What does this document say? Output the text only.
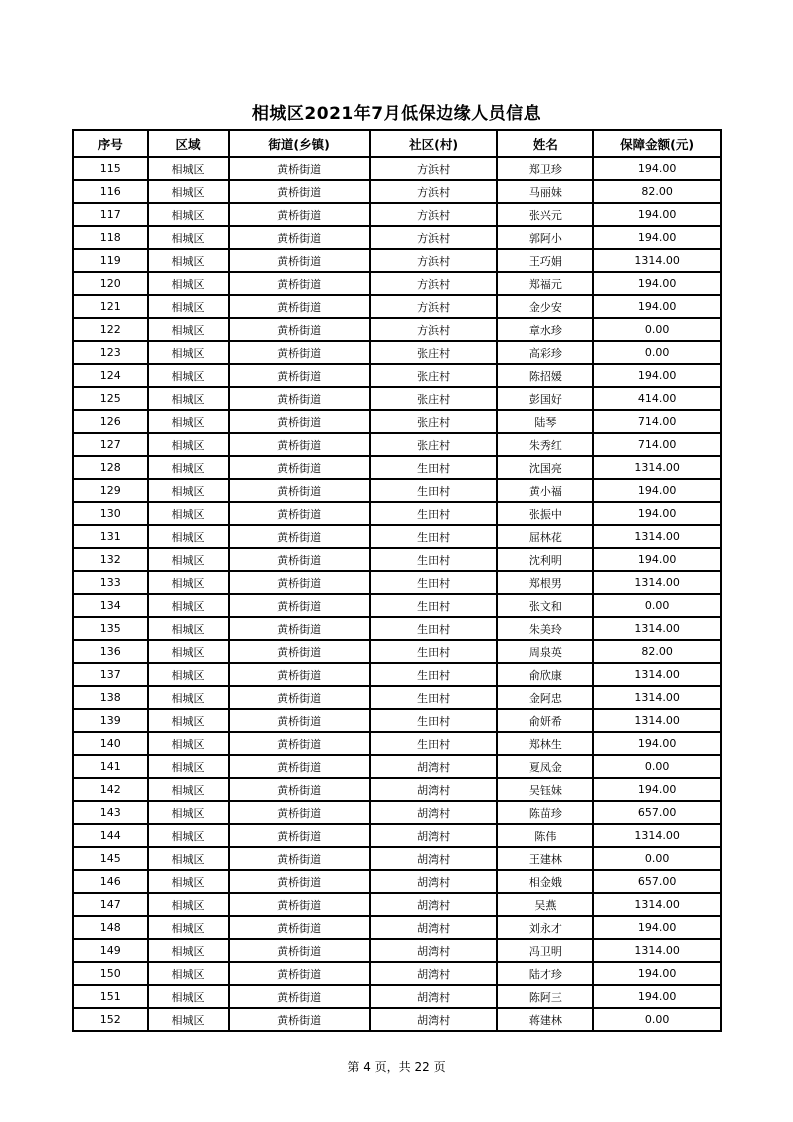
相城区2021年7月低保边缘人员信息
序号	区域	街道(乡镇)	社区(村)	姓名	保障金额(元)
115	相城区	黄桥街道	方浜村	郑卫珍	194.00
116	相城区	黄桥街道	方浜村	马丽妹	82.00
117	相城区	黄桥街道	方浜村	张兴元	194.00
118	相城区	黄桥街道	方浜村	郭阿小	194.00
119	相城区	黄桥街道	方浜村	王巧娟	1314.00
120	相城区	黄桥街道	方浜村	郑福元	194.00
121	相城区	黄桥街道	方浜村	金少安	194.00
122	相城区	黄桥街道	方浜村	章水珍	0.00
123	相城区	黄桥街道	张庄村	高彩珍	0.00
124	相城区	黄桥街道	张庄村	陈招媛	194.00
125	相城区	黄桥街道	张庄村	彭国好	414.00
126	相城区	黄桥街道	张庄村	陆琴	714.00
127	相城区	黄桥街道	张庄村	朱秀红	714.00
128	相城区	黄桥街道	生田村	沈国亮	1314.00
129	相城区	黄桥街道	生田村	黄小福	194.00
130	相城区	黄桥街道	生田村	张振中	194.00
131	相城区	黄桥街道	生田村	屈林花	1314.00
132	相城区	黄桥街道	生田村	沈利明	194.00
133	相城区	黄桥街道	生田村	郑根男	1314.00
134	相城区	黄桥街道	生田村	张文和	0.00
135	相城区	黄桥街道	生田村	朱美玲	1314.00
136	相城区	黄桥街道	生田村	周泉英	82.00
137	相城区	黄桥街道	生田村	俞欣康	1314.00
138	相城区	黄桥街道	生田村	金阿忠	1314.00
139	相城区	黄桥街道	生田村	俞妍希	1314.00
140	相城区	黄桥街道	生田村	郑林生	194.00
141	相城区	黄桥街道	胡湾村	夏凤金	0.00
142	相城区	黄桥街道	胡湾村	吴钰妹	194.00
143	相城区	黄桥街道	胡湾村	陈苗珍	657.00
144	相城区	黄桥街道	胡湾村	陈伟	1314.00
145	相城区	黄桥街道	胡湾村	王建林	0.00
146	相城区	黄桥街道	胡湾村	相金娥	657.00
147	相城区	黄桥街道	胡湾村	吴燕	1314.00
148	相城区	黄桥街道	胡湾村	刘永才	194.00
149	相城区	黄桥街道	胡湾村	冯卫明	1314.00
150	相城区	黄桥街道	胡湾村	陆才珍	194.00
151	相城区	黄桥街道	胡湾村	陈阿三	194.00
152	相城区	黄桥街道	胡湾村	蒋建林	0.00
第 4 页，共 22 页
